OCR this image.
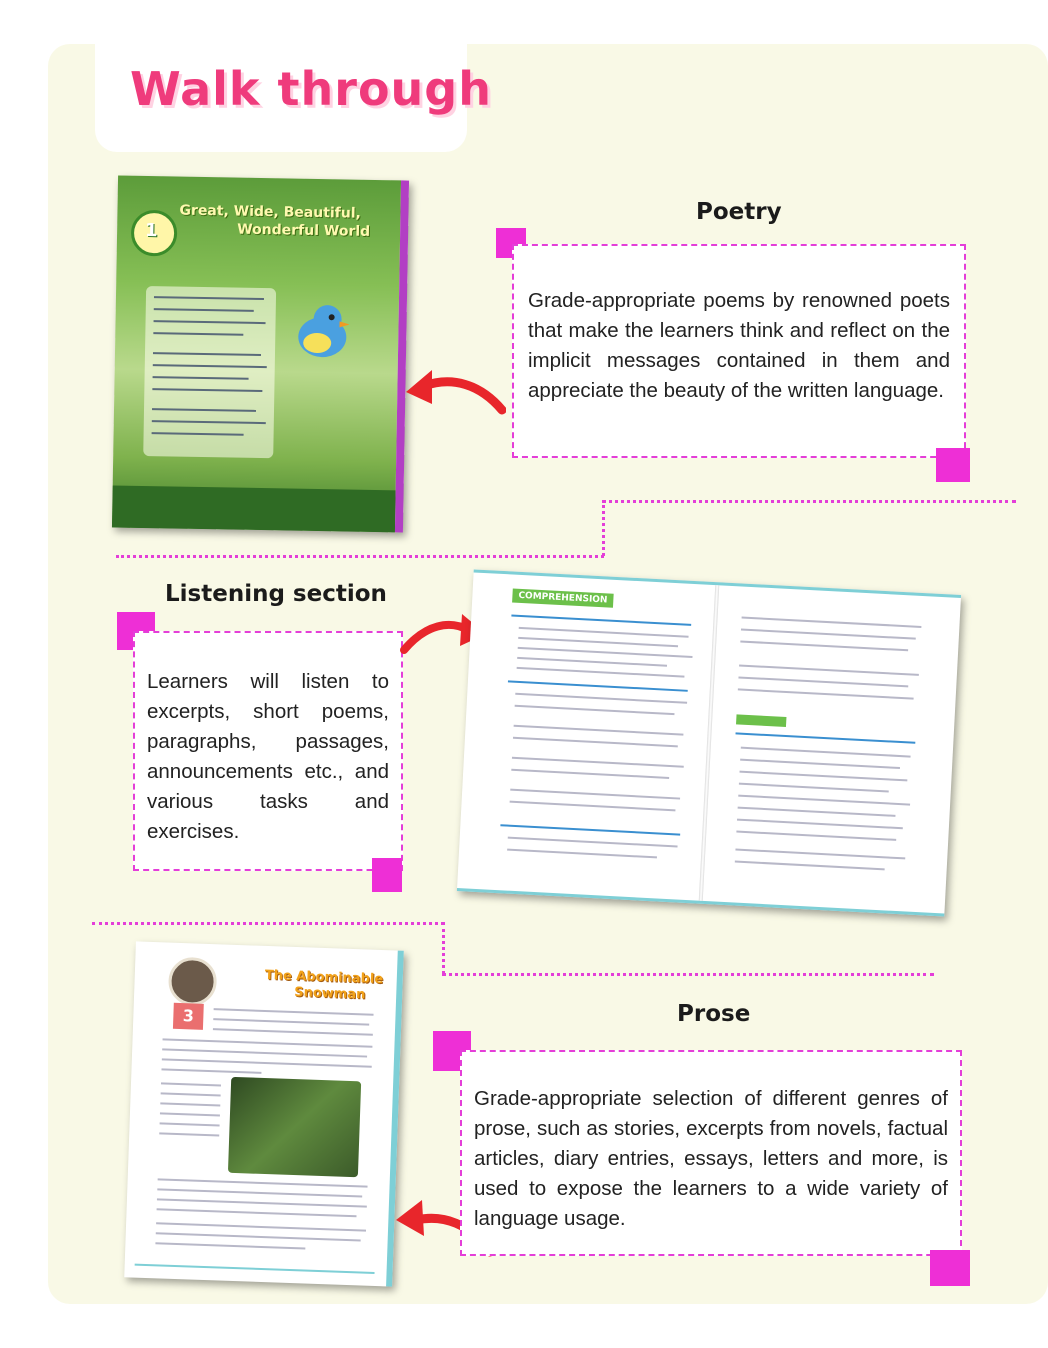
Walk through
1
Great, Wide, Beautiful,
Wonderful World
Poetry

Grade-appropriate poems by renowned poets that make the learners think and reflect on the implicit messages contained in them and appreciate the beauty of the written language.

Listening section

Learners will listen to excerpts, short poems, paragraphs, passages, announcements etc., and various tasks and exercises.

COMPREHENSION
3
The Abominable
Snowman
Prose

Grade-appropriate selection of different genres of prose, such as stories, excerpts from novels, factual articles, diary entries, essays, letters and more, is used to expose the learners to a wide variety of language usage.
